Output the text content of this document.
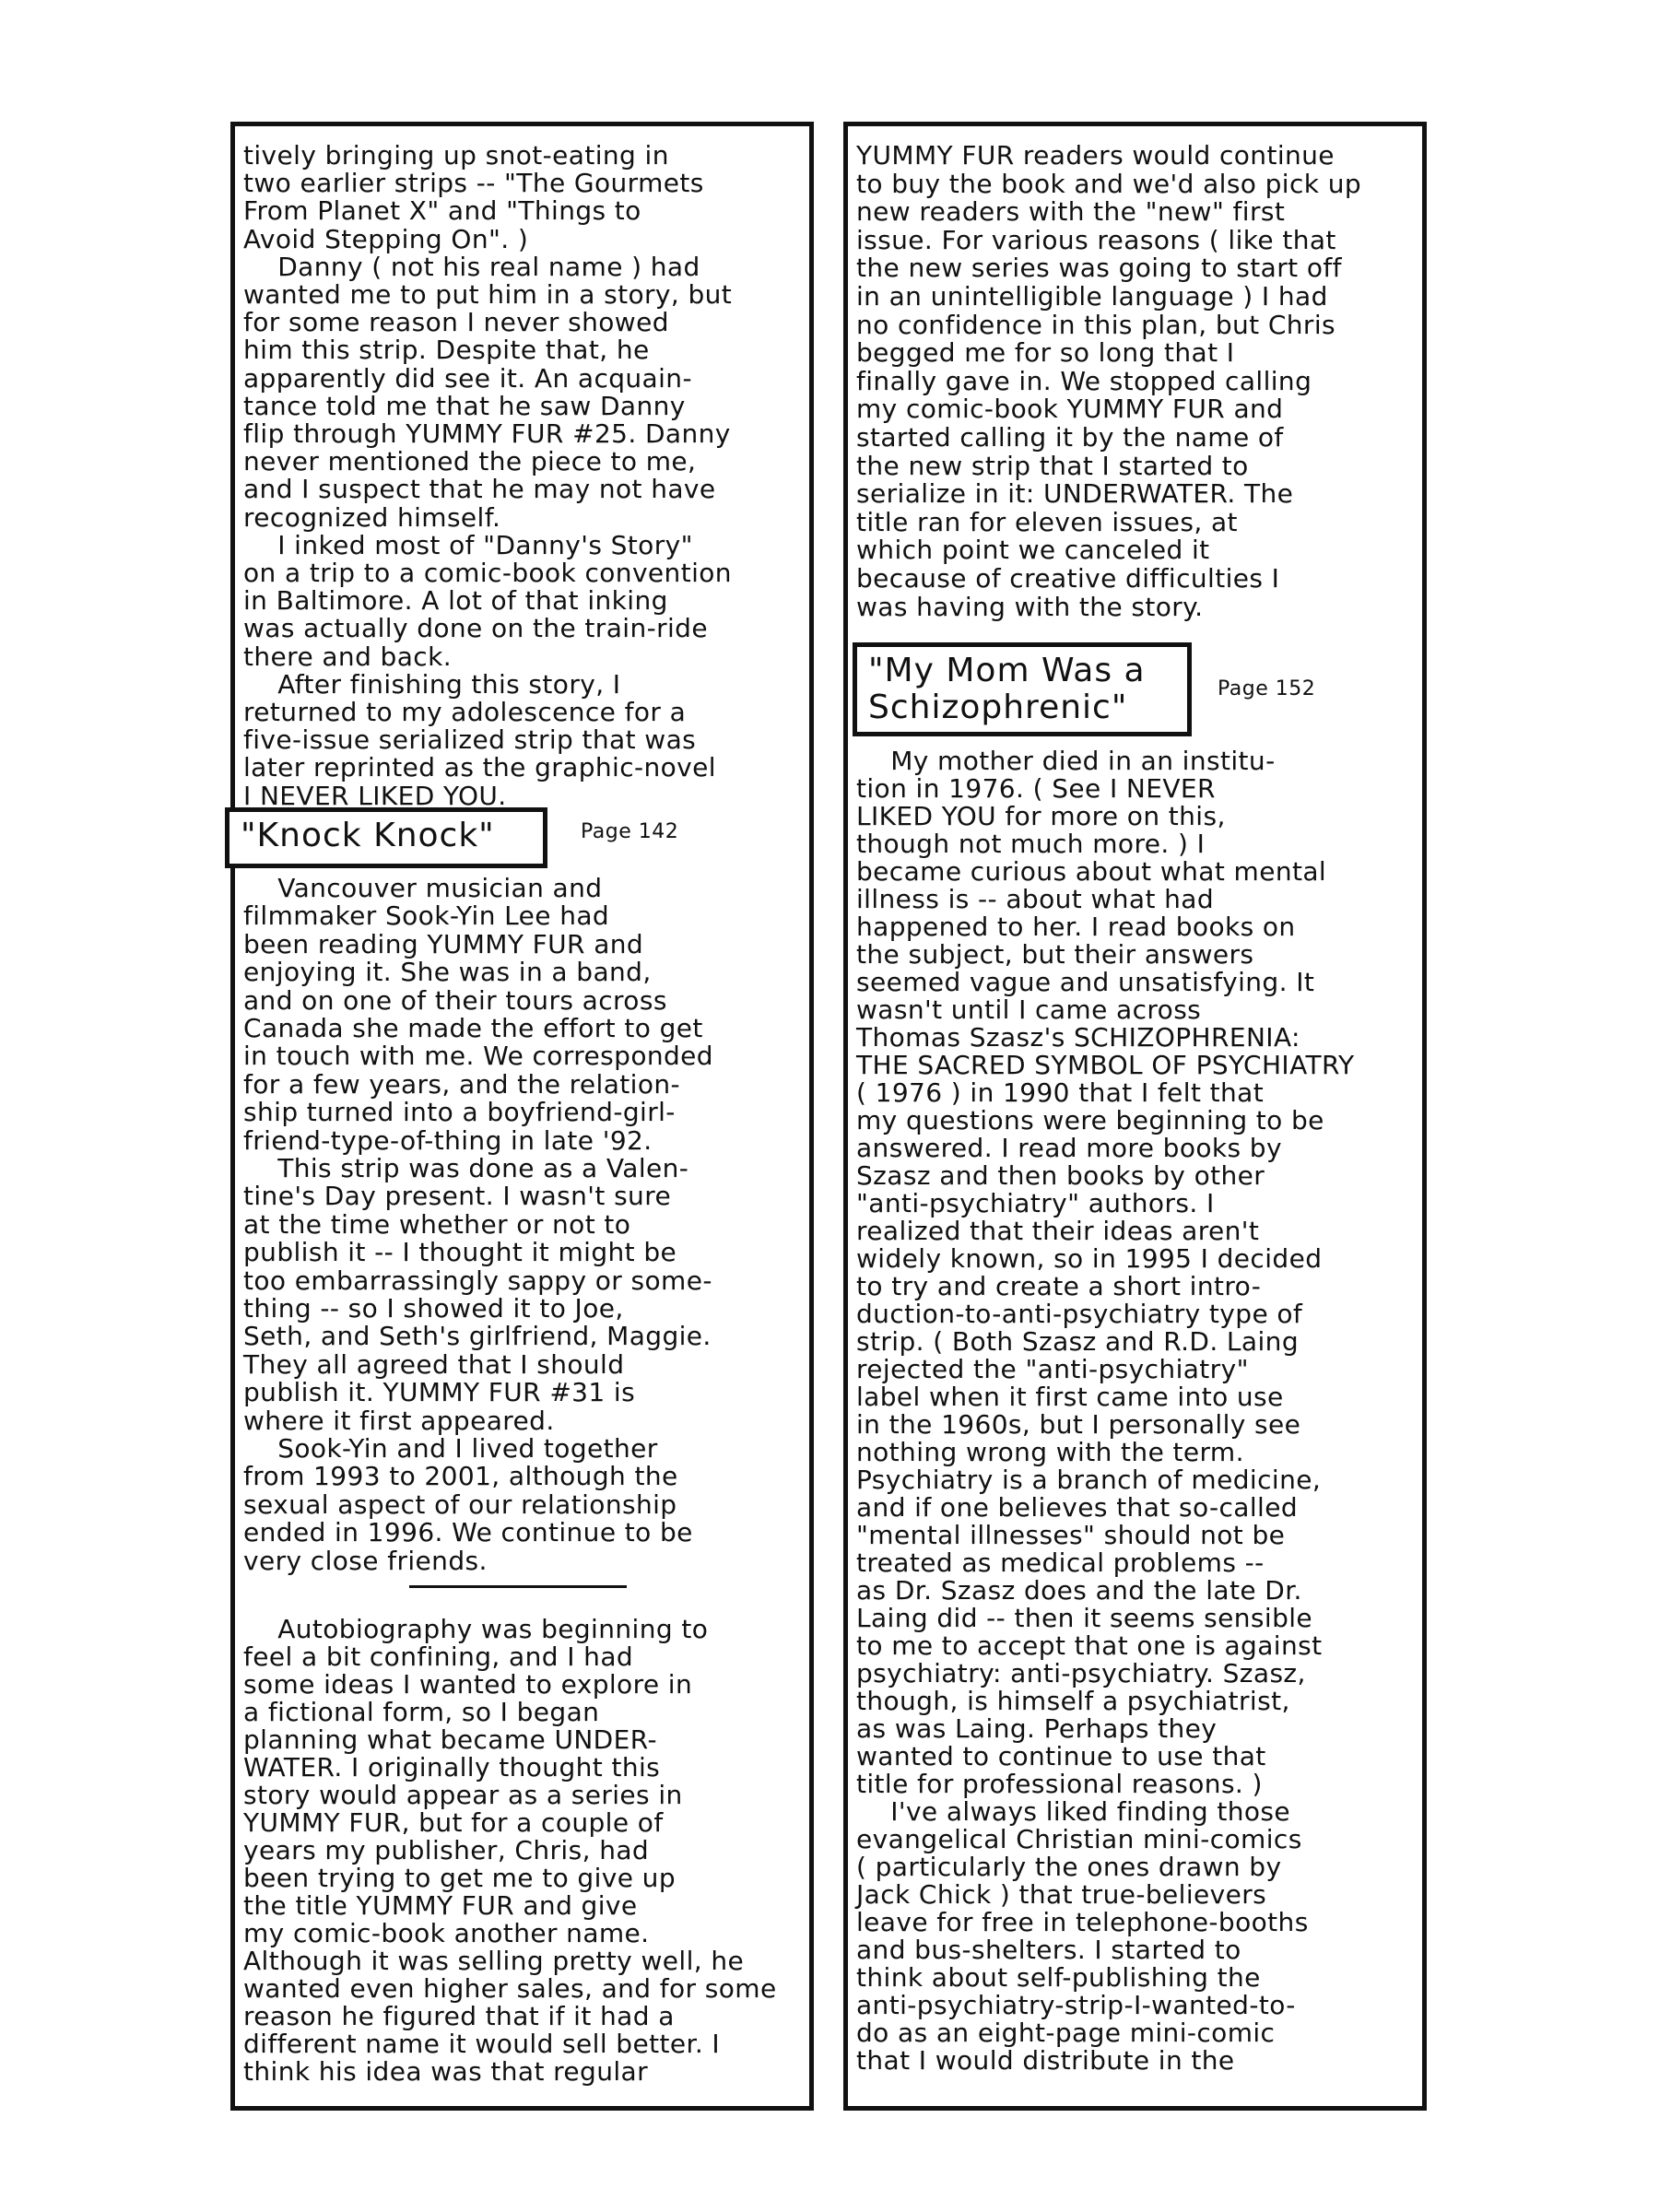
"Knock Knock"	Page 142
"My Mom Was a
Schizophrenic"	Page 152
tively bringing up snot-eating in
two earlier strips -- "The Gourmets
From Planet X" and "Things to
Avoid Stepping On". )
Danny ( not his real name ) had
wanted me to put him in a story, but
for some reason I never showed
him this strip. Despite that, he
apparently did see it. An acquain-
tance told me that he saw Danny
flip through YUMMY FUR #25. Danny
never mentioned the piece to me,
and I suspect that he may not have
recognized himself.
I inked most of "Danny's Story"
on a trip to a comic-book convention
in Baltimore. A lot of that inking
was actually done on the train-ride
there and back.
After finishing this story, I
returned to my adolescence for a
five-issue serialized strip that was
later reprinted as the graphic-novel
I NEVER LIKED YOU.
Vancouver musician and
filmmaker Sook-Yin Lee had
been reading YUMMY FUR and
enjoying it. She was in a band,
and on one of their tours across
Canada she made the effort to get
in touch with me. We corresponded
for a few years, and the relation-
ship turned into a boyfriend-girl-
friend-type-of-thing in late '92.
This strip was done as a Valen-
tine's Day present. I wasn't sure
at the time whether or not to
publish it -- I thought it might be
too embarrassingly sappy or some-
thing -- so I showed it to Joe,
Seth, and Seth's girlfriend, Maggie.
They all agreed that I should
publish it. YUMMY FUR #31 is
where it first appeared.
Sook-Yin and I lived together
from 1993 to 2001, although the
sexual aspect of our relationship
ended in 1996. We continue to be
very close friends.
Autobiography was beginning to
feel a bit confining, and I had
some ideas I wanted to explore in
a fictional form, so I began
planning what became UNDER-
WATER. I originally thought this
story would appear as a series in
YUMMY FUR, but for a couple of
years my publisher, Chris, had
been trying to get me to give up
the title YUMMY FUR and give
my comic-book another name.
Although it was selling pretty well, he
wanted even higher sales, and for some
reason he figured that if it had a
different name it would sell better. I
think his idea was that regular
YUMMY FUR readers would continue
to buy the book and we'd also pick up
new readers with the "new" first
issue. For various reasons ( like that
the new series was going to start off
in an unintelligible language ) I had
no confidence in this plan, but Chris
begged me for so long that I
finally gave in. We stopped calling
my comic-book YUMMY FUR and
started calling it by the name of
the new strip that I started to
serialize in it: UNDERWATER. The
title ran for eleven issues, at
which point we canceled it
because of creative difficulties I
was having with the story.
My mother died in an institu-
tion in 1976. ( See I NEVER
LIKED YOU for more on this,
though not much more. ) I
became curious about what mental
illness is -- about what had
happened to her. I read books on
the subject, but their answers
seemed vague and unsatisfying. It
wasn't until I came across
Thomas Szasz's SCHIZOPHRENIA:
THE SACRED SYMBOL OF PSYCHIATRY
( 1976 ) in 1990 that I felt that
my questions were beginning to be
answered. I read more books by
Szasz and then books by other
"anti-psychiatry" authors. I
realized that their ideas aren't
widely known, so in 1995 I decided
to try and create a short intro-
duction-to-anti-psychiatry type of
strip. ( Both Szasz and R.D. Laing
rejected the "anti-psychiatry"
label when it first came into use
in the 1960s, but I personally see
nothing wrong with the term.
Psychiatry is a branch of medicine,
and if one believes that so-called
"mental illnesses" should not be
treated as medical problems --
as Dr. Szasz does and the late Dr.
Laing did -- then it seems sensible
to me to accept that one is against
psychiatry: anti-psychiatry. Szasz,
though, is himself a psychiatrist,
as was Laing. Perhaps they
wanted to continue to use that
title for professional reasons. )
I've always liked finding those
evangelical Christian mini-comics
( particularly the ones drawn by
Jack Chick ) that true-believers
leave for free in telephone-booths
and bus-shelters. I started to
think about self-publishing the
anti-psychiatry-strip-I-wanted-to-
do as an eight-page mini-comic
that I would distribute in the
